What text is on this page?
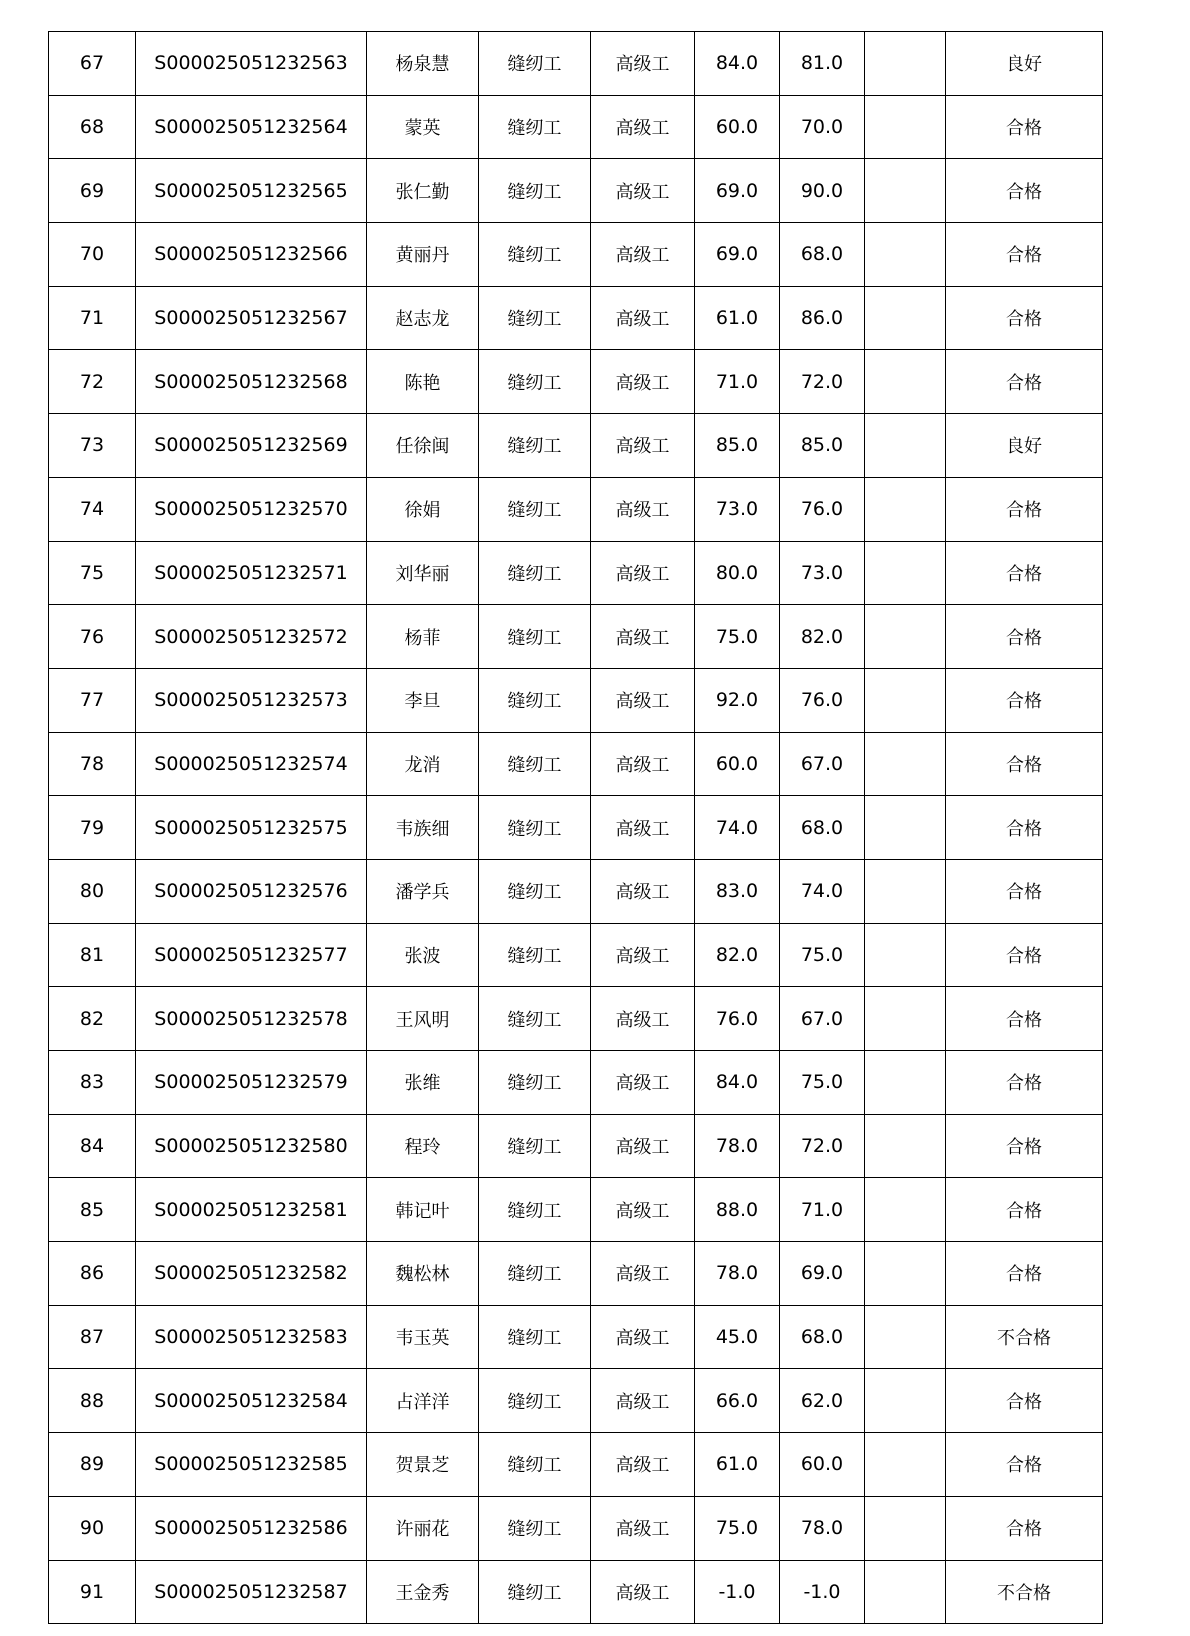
67	S000025051232563	杨泉慧	缝纫工	高级工	84.0	81.0		良好
68	S000025051232564	蒙英	缝纫工	高级工	60.0	70.0		合格
69	S000025051232565	张仁勤	缝纫工	高级工	69.0	90.0		合格
70	S000025051232566	黄丽丹	缝纫工	高级工	69.0	68.0		合格
71	S000025051232567	赵志龙	缝纫工	高级工	61.0	86.0		合格
72	S000025051232568	陈艳	缝纫工	高级工	71.0	72.0		合格
73	S000025051232569	任徐闽	缝纫工	高级工	85.0	85.0		良好
74	S000025051232570	徐娟	缝纫工	高级工	73.0	76.0		合格
75	S000025051232571	刘华丽	缝纫工	高级工	80.0	73.0		合格
76	S000025051232572	杨菲	缝纫工	高级工	75.0	82.0		合格
77	S000025051232573	李旦	缝纫工	高级工	92.0	76.0		合格
78	S000025051232574	龙消	缝纫工	高级工	60.0	67.0		合格
79	S000025051232575	韦族细	缝纫工	高级工	74.0	68.0		合格
80	S000025051232576	潘学兵	缝纫工	高级工	83.0	74.0		合格
81	S000025051232577	张波	缝纫工	高级工	82.0	75.0		合格
82	S000025051232578	王风明	缝纫工	高级工	76.0	67.0		合格
83	S000025051232579	张维	缝纫工	高级工	84.0	75.0		合格
84	S000025051232580	程玲	缝纫工	高级工	78.0	72.0		合格
85	S000025051232581	韩记叶	缝纫工	高级工	88.0	71.0		合格
86	S000025051232582	魏松林	缝纫工	高级工	78.0	69.0		合格
87	S000025051232583	韦玉英	缝纫工	高级工	45.0	68.0		不合格
88	S000025051232584	占洋洋	缝纫工	高级工	66.0	62.0		合格
89	S000025051232585	贺景芝	缝纫工	高级工	61.0	60.0		合格
90	S000025051232586	许丽花	缝纫工	高级工	75.0	78.0		合格
91	S000025051232587	王金秀	缝纫工	高级工	-1.0	-1.0		不合格
